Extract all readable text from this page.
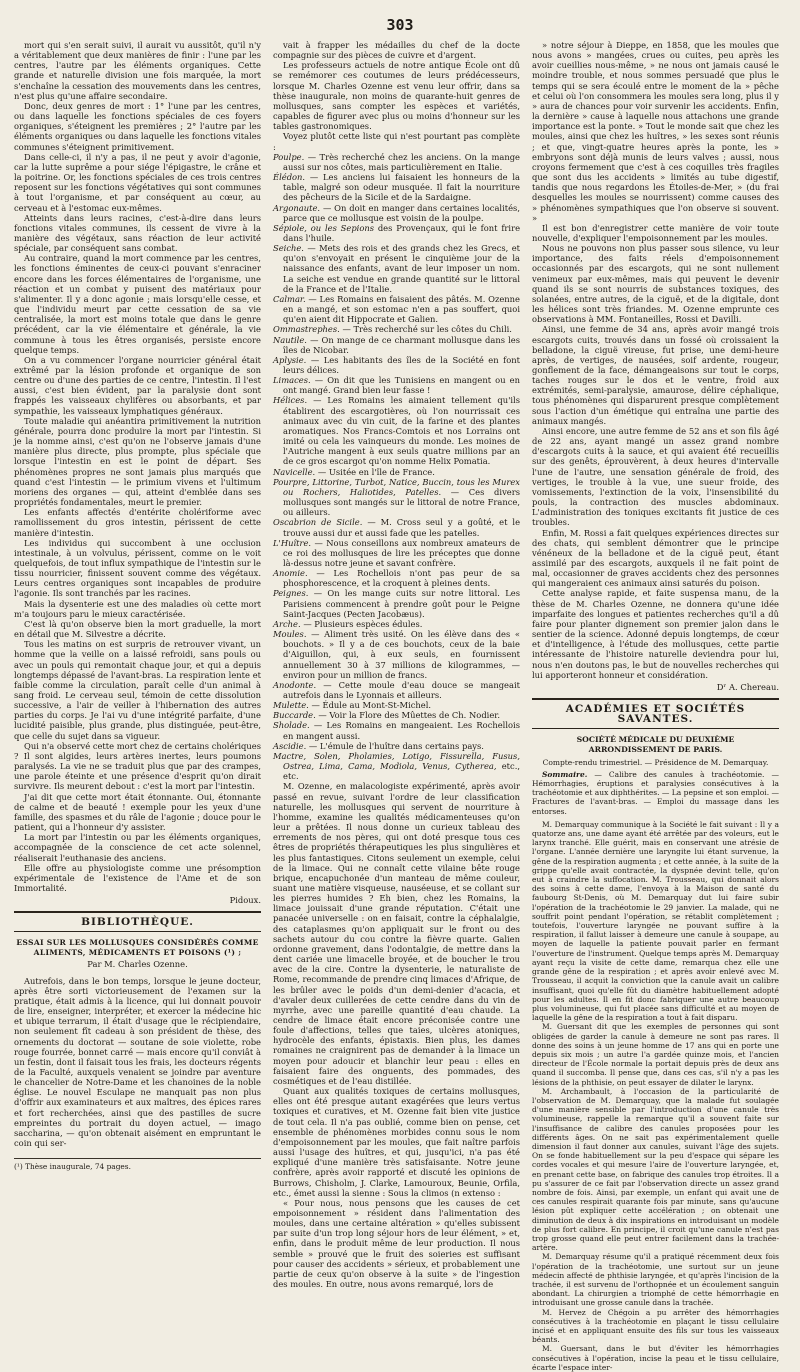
303

mort qui s'en serait suivi, il aurait vu aussitôt, qu'il n'y a véritablement que deux manières de finir : l'une par les centres, l'autre par les éléments organiques. Cette grande et naturelle division une fois marquée, la mort s'enchaîne la cessation des mouvements dans les centres, n'est plus qu'une affaire secondaire.

Donc, deux genres de mort : 1° l'une par les centres, ou dans laquelle les fonctions spéciales de ces foyers organiques, s'éteignent les premières ; 2° l'autre par les éléments organiques ou dans laquelle les fonctions vitales communes s'éteignent primitivement.

Dans celle-ci, il n'y a pas, il ne peut y avoir d'agonie, car la lutte suprême a pour siége l'épigastre, le crâne et la poitrine. Or, les fonctions spéciales de ces trois centres reposent sur les fonctions végétatives qui sont communes à tout l'organisme, et par conséquent au cœur, au cerveau et à l'estomac eux-mêmes.

Atteints dans leurs racines, c'est-à-dire dans leurs fonctions vitales communes, ils cessent de vivre à la manière des végétaux, sans réaction de leur activité spéciale, par conséquent sans combat.

Au contraire, quand la mort commence par les centres, les fonctions éminentes de ceux-ci pouvant s'enraciner encore dans les forces élémentaires de l'organisme, une réaction et un combat y puisent des matériaux pour s'alimenter. Il y a donc agonie ; mais lorsqu'elle cesse, et que l'individu meurt par cette cessation de sa vie centralisée, la mort est moins totale que dans le genre précédent, car la vie élémentaire et générale, la vie commune à tous les êtres organisés, persiste encore quelque temps.

On a vu commencer l'organe nourricier général était extrêmé par la lésion profonde et organique de son centre ou d'une des parties de ce centre, l'intestin. Il l'est aussi, c'est bien évident, par la paralysie dont sont frappés les vaisseaux chylifères ou absorbants, et par sympathie, les vaisseaux lymphatiques généraux.

Toute maladie qui anéantira primitivement la nutrition générale, pourra donc produire la mort par l'intestin. Si je la nomme ainsi, c'est qu'on ne l'observe jamais d'une manière plus directe, plus prompte, plus spéciale que lorsque l'intestin en est le point de départ. Ses phénomènes propres ne sont jamais plus marqués que quand c'est l'intestin — le primium vivens et l'ultimum moriens des organes — qui, atteint d'emblée dans ses propriétés fondamentales, meurt le premier.

Les enfants affectés d'entérite cholériforme avec ramollissement du gros intestin, périssent de cette manière d'intestin.

Les individus qui succombent à une occlusion intestinale, à un volvulus, périssent, comme on le voit quelquefois, de tout influx sympathique de l'intestin sur le tissu nourricier, finissent souvent comme des végétaux. Leurs centres organiques sont incapables de produire l'agonie. Ils sont tranchés par les racines.

Mais la dysenterie est une des maladies où cette mort m'a toujours paru le mieux caractérisée.

C'est là qu'on observe bien la mort graduelle, la mort en détail que M. Silvestre a décrite.

Tous les matins on est surpris de retrouver vivant, un homme que la veille on a laissé refroidi, sans pouls ou avec un pouls qui remontait chaque jour, et qui a depuis longtemps dépassé de l'avant-bras. La respiration lente et faible comme la circulation, paraît celle d'un animal à sang froid. Le cerveau seul, témoin de cette dissolution successive, a l'air de veiller à l'hibernation des autres parties du corps. Je l'ai vu d'une intégrité parfaite, d'une lucidité paisible, plus grande, plus distinguée, peut-être, que celle du sujet dans sa vigueur.

Qui n'a observé cette mort chez de certains cholériques ? Il sont algides, leurs artères inertes, leurs poumons paralysés. La vie ne se traduit plus que par des crampes, une parole éteinte et une présence d'esprit qu'on dirait survivre. Ils meurent debout : c'est la mort par l'intestin.

J'ai dit que cette mort était étonnante. Oui, étonnante de calme et de beauté ! exemple pour les yeux d'une famille, des spasmes et du râle de l'agonie ; douce pour le patient, qui a l'honneur d'y assister.

La mort par l'intestin ou par les éléments organiques, accompagnée de la conscience de cet acte solennel, réaliserait l'euthanasie des anciens.

Elle offre au physiologiste comme une présomption expérimentale de l'existence de l'Ame et de son Immortalité.

Pidoux.
BIBLIOTHÈQUE.
ESSAI SUR LES MOLLUSQUES CONSIDÉRÉS COMME ALIMENTS, MÉDICAMENTS ET POISONS (¹) ;
Par M. Charles Ozenne.

Autrefois, dans le bon temps, lorsque le jeune docteur, après être sorti victorieusement de l'examen sur la pratique, était admis à la licence, qui lui donnait pouvoir de lire, enseigner, interpréter, et exercer la médecine hic et ubique terrarum, il était d'usage que le récipiendaire, non seulement fît cadeau à son président de thèse, des ornements du doctorat — soutane de soie violette, robe rouge fourrée, bonnet carré — mais encore qu'il conviât à un festin, dont il faisait tous les frais, les docteurs régents de la Faculté, auxquels venaient se joindre par aventure le chancelier de Notre-Dame et les chanoines de la noble église. Le nouvel Esculape ne manquait pas non plus d'offrir aux examinateurs et aux maîtres, des épices rares et fort recherchées, ainsi que des pastilles de sucre empreintes du portrait du doyen actuel, — imago saccharina, — qu'on obtenait aisément en empruntant le coin qui ser-

(¹) Thèse inaugurale, 74 pages.

vait à frapper les médailles du chef de la docte compagnie sur des pièces de cuivre et d'argent.

Les professeurs actuels de notre antique École ont dû se remémorer ces coutumes de leurs prédécesseurs, lorsque M. Charles Ozenne est venu leur offrir, dans sa thèse inaugurale, non moins de quarante-huit genres de mollusques, sans compter les espèces et variétés, capables de figurer avec plus ou moins d'honneur sur les tables gastronomiques.

Voyez plutôt cette liste qui n'est pourtant pas complète :

Poulpe. — Très recherché chez les anciens. On la mange aussi sur nos côtes, mais particulièrement en Italie.

Élédon. — Les anciens lui faisaient les honneurs de la table, malgré son odeur musquée. Il fait la nourriture des pêcheurs de la Sicile et de la Sardaigne.

Argonaute. — On doit en manger dans certaines localités, parce que ce mollusque est voisin de la poulpe.

Sépiole, ou les Sepions des Provençaux, qui le font frire dans l'huile.

Seiche. — Mets des rois et des grands chez les Grecs, et qu'on s'envoyait en présent le cinquième jour de la naissance des enfants, avant de leur imposer un nom. La seiche est vendue en grande quantité sur le littoral de la France et de l'Italie.

Calmar. — Les Romains en faisaient des pâtés. M. Ozenne en a mangé, et son estomac n'en a pas souffert, quoi qu'en aient dit Hippocrate et Galien.

Ommastrephes. — Très recherché sur les côtes du Chili.

Nautile. — On mange de ce charmant mollusque dans les îles de Nicobar.

Aplysie. — Les habitants des îles de la Société en font leurs délices.

Limaces. — On dit que les Tunisiens en mangent ou en ont mangé. Grand bien leur fasse !

Hélices. — Les Romains les aimaient tellement qu'ils établirent des escargotières, où l'on nourrissait ces animaux avec du vin cuit, de la farine et des plantes aromatiques. Nos Francs-Comtois et nos Lorrains ont imité ou cela les vainqueurs du monde. Les moines de l'Autriche mangent à eux seuls quatre millions par an de ce gros escargot qu'on nomme Helix Pomatia.

Navicelle. — Usitée en l'île de France.

Pourpre, Littorine, Turbot, Natice, Buccin, tous les Murex ou Rochers, Haliotides, Patelles. — Ces divers mollusques sont mangés sur le littoral de notre France, ou ailleurs.

Oscabrion de Sicile. — M. Cross seul y a goûté, et le trouve aussi dur et aussi fade que les patelles.

L'Huître. — Nous conseillons aux nombreux amateurs de ce roi des mollusques de lire les préceptes que donne là-dessus notre jeune et savant confrère.

Anomie. — Les Rochellois n'ont pas peur de sa phosphorescence, et la croquent à pleines dents.

Peignes. — On les mange cuits sur notre littoral. Les Parisiens commencent à prendre goût pour le Peigne Saint-Jacques (Pecten Jacobæus).

Arche. — Plusieurs espèces édules.

Moules. — Aliment très usité. On les élève dans des « bouchots. » Il y a de ces bouchots, ceux de la baie d'Aiguillon, qui, à eux seuls, en fournissent annuellement 30 à 37 millions de kilogrammes, — environ pour un million de francs.

Anodonte. — Cette moule d'eau douce se mangeait autrefois dans le Lyonnais et ailleurs.

Mulette. — Édule au Mont-St-Michel.

Buccarde. — Voir la Flore des Mûettes de Ch. Nodier.

Sholade. — Les Romains en mangeaient. Les Rochellois en mangent aussi.

Ascidie. — L'émule de l'huître dans certains pays.

Mactre, Solen, Pholamies, Lotigo, Fissurella, Fusus, Ostrea, Lima, Cama, Modiola, Venus, Cytherea, etc., etc.

M. Ozenne, en malacologiste expérimenté, après avoir passé en revue, suivant l'ordre de leur classification naturelle, les mollusques qui servent de nourriture à l'homme, examine les qualités médicamenteuses qu'on leur a prêtées. Il nous donne un curieux tableau des errements de nos pères, qui ont doté presque tous ces êtres de propriétés thérapeutiques les plus singulières et les plus fantastiques. Citons seulement un exemple, celui de la limace. Qui ne connaît cette vilaine bête rouge brique, encapuchonée d'un manteau de même couleur, suant une matière visqueuse, nauséeuse, et se collant sur les pierres humides ? Eh bien, chez les Romains, la limace jouissait d'une grande réputation. C'était une panacée universelle : on en faisait, contre la céphalalgie, des cataplasmes qu'on appliquait sur le front ou des sachets autour du cou contre la fièvre quarte. Galien ordonne gravement, dans l'odontalgie, de mettre dans la dent cariée une limacelle broyée, et de boucher le trou avec de la cire. Contre la dysenterie, le naturaliste de Rome, recommande de prendre cinq limaces d'Afrique, de les brûler avec le poids d'un demi-denier d'acacia, et d'avaler deux cuillerées de cette cendre dans du vin de myrrhe, avec une pareille quantité d'eau chaude. La cendre de limace était encore préconisée contre une foule d'affections, telles que taies, ulcères atoniques, hydrocèle des enfants, épistaxis. Bien plus, les dames romaines ne craignirent pas de demander à la limace un moyen pour adoucir et blanchir leur peau : elles en faisaient faire des onguents, des pommades, des cosmétiques et de l'eau distillée.

Quant aux qualités toxiques de certains mollusques, elles ont été presque autant exagérées que leurs vertus toxiques et curatives, et M. Ozenne fait bien vite justice de tout cela. Il n'a pas oublié, comme bien on pense, cet ensemble de phénomènes morbides connu sous le nom d'empoisonnement par les moules, que fait naître parfois aussi l'usage des huîtres, et qui, jusqu'ici, n'a pas été expliqué d'une manière très satisfaisante. Notre jeune confrère, après avoir rapporté et discuté les opinions de Burrows, Chisholm, J. Clarke, Lamouroux, Beunie, Orfila, etc., émet aussi la sienne : Sous la climos (n extenso :

« Pour nous, nous pensons que les causes de cet empoisonnement » résident dans l'alimentation des moules, dans une certaine altération » qu'elles subissent par suite d'un trop long séjour hors de leur élément, » et, enfin, dans le produit même de leur production. Il nous semble » prouvé que le fruit des soieries est suffisant pour causer des accidents » sérieux, et probablement une partie de ceux qu'on observe à la suite » de l'ingestion des moules. En outre, nous avons remarqué, lors de

» notre séjour à Dieppe, en 1858, que les moules que nous avons » mangées, crues ou cuites, peu après les avoir cueillies nous-même, » ne nous ont jamais causé le moindre trouble, et nous sommes persuadé que plus le temps qui se sera écoulé entre le moment de la » pêche et celui où l'on consommera les moules sera long, plus il y » aura de chances pour voir survenir les accidents. Enfin, la dernière » cause à laquelle nous attachons une grande importance est la ponte. » Tout le monde sait que chez les moules, ainsi que chez les huîtres, » les sexes sont réunis ; et que, vingt-quatre heures après la ponte, les » embryons sont déjà munis de leurs valves ; aussi, nous croyons fermement que c'est à ces coquilles très fragiles que sont dus les accidents » limités au tube digestif, tandis que nous regardons les Étoiles-de-Mer, » (du frai desquelles les moules se nourrissent) comme causes des » phénomènes sympathiques que l'on observe si souvent. »

Il est bon d'enregistrer cette manière de voir toute nouvelle, d'expliquer l'empoisonnement par les moules.

Nous ne pouvons non plus passer sous silence, vu leur importance, des faits réels d'empoisonnement occasionnés par des escargots, qui ne sont nullement venimeux par eux-mêmes, mais qui peuvent le devenir quand ils se sont nourris de substances toxiques, des solanées, entre autres, de la ciguë, et de la digitale, dont les hélices sont très friandes. M. Ozenne emprunte ces observations à MM. Fontaneilles, Rossi et Davilli.

Ainsi, une femme de 34 ans, après avoir mangé trois escargots cuits, trouvés dans un fossé où croissaient la belladone, la ciguë vireuse, fut prise, une demi-heure après, de vertiges, de nausées, soif ardente, rougeur, gonflement de la face, démangeaisons sur tout le corps, taches rouges sur le dos et le ventre, froid aux extrémités, semi-paralysie, amaurose, délire céphalique, tous phénomènes qui disparurent presque complètement sous l'action d'un émétique qui entraîna une partie des animaux mangés.

Ainsi encore, une autre femme de 52 ans et son fils âgé de 22 ans, ayant mangé un assez grand nombre d'escargots cuits à la sauce, et qui avaient été recueillis sur des genêts, éprouvèrent, à deux heures d'intervalle l'une de l'autre, une sensation générale de froid, des vertiges, le trouble à la vue, une sueur froide, des vomissements, l'extinction de la voix, l'insensibilité du pouls, la contraction des muscles abdominaux. L'administration des toniques excitants fit justice de ces troubles.

Enfin, M. Rossi a fait quelques expériences directes sur des chats, qui semblent démontrer que le principe vénéneux de la belladone et de la ciguë peut, étant assimilé par des escargots, auxquels il ne fait point de mal, occasionner de graves accidents chez des personnes qui mangeraient ces animaux ainsi saturés du poison.

Cette analyse rapide, et faite suspensa manu, de la thèse de M. Charles Ozenne, ne donnera qu'une idée imparfaite des longues et patientes recherches qu'il a dû faire pour planter dignement son premier jalon dans le sentier de la science. Adonné depuis longtemps, de cœur et d'intelligence, à l'étude des mollusques, cette partie intéressante de l'histoire naturelle deviendra pour lui, nous n'en doutons pas, le but de nouvelles recherches qui lui apporteront honneur et considération.

Dʳ A. Chereau.
ACADÉMIES ET SOCIÉTÉS SAVANTES.
SOCIÉTÉ MÉDICALE DU DEUXIÈME ARRONDISSEMENT DE PARIS.
Compte-rendu trimestriel. — Présidence de M. Demarquay.

Sommaire. — Calibre des canules à trachéotomie. — Hémorrhagies, éruptions et paralysies consécutives à la trachéotomie et aux diphthérites. — La pepsine et son emploi. — Fractures de l'avant-bras. — Emploi du massage dans les entorses.

M. Demarquay communique à la Société le fait suivant : Il y a quatorze ans, une dame ayant été arrêtée par des voleurs, eut le larynx tranché. Elle guérit, mais en conservant une atrésie de l'organe. L'année dernière une laryngite lui étant survenue, la gêne de la respiration augmenta ; et cette année, à la suite de la grippe qu'elle avait contractée, la dyspnée devint telle, qu'on eut à craindre la suffocation. M. Trousseau, qui donnait alors des soins à cette dame, l'envoya à la Maison de santé du faubourg St-Denis, où M. Demarquay dut lui faire subir l'opération de la trachéotomie le 29 janvier. La malade, qui ne souffrit point pendant l'opération, se rétablit complètement ; toutefois, l'ouverture laryngée ne pouvant suffire à la respiration, il fallut laisser à demeure une canule à soupape, au moyen de laquelle la patiente pouvait parler en fermant l'ouverture de l'instrument. Quelque temps après M. Demarquay ayant reçu la visite de cette dame, remarqua chez elle une grande gêne de la respiration ; et après avoir enlevé avec M. Trousseau, il acquit la conviction que la canule avait un calibre insuffisant, quoi qu'elle fût du diamètre habituellement adopté pour les adultes. Il en fit donc fabriquer une autre beaucoup plus volumineuse, qui fut placée sans difficulté et au moyen de laquelle la gêne de la respiration a tout à fait disparu.

M. Guersant dit que les exemples de personnes qui sont obligées de garder la canule à demeure ne sont pas rares. Il donne des soins à un jeune homme de 17 ans qui en porte une depuis six mois ; un autre l'a gardée quinze mois, et l'ancien directeur de l'École normale la portait depuis près de deux ans quand il succomba. Il pense que, dans ces cas, s'il n'y a pas les lésions de la phthisie, on peut essayer de dilater le larynx.

M. Archambault, à l'occasion de la particularité de l'observation de M. Demarquay, que la malade fut soulagée d'une manière sensible par l'introduction d'une canule très volumineuse, rappelle la remarque qu'il a souvent faite sur l'insuffisance de calibre des canules proposées pour les différents âges. On ne sait pas expérimentalement quelle dimension il faut donner aux canules, suivant l'âge des sujets. On se fonde habituellement sur la peu d'espace qui sépare les cordes vocales et qui mesure l'aire de l'ouverture laryngée, et, en prenant cette base, on fabrique des canules trop étroites. Il a pu s'assurer de ce fait par l'observation directe un assez grand nombre de fois. Ainsi, par exemple, un enfant qui avait une de ces canules respirait quarante fois par minute, sans qu'aucune lésion pût expliquer cette accélération ; on obtenait une diminution de deux à dix inspirations en introduisant un modèle de plus fort calibre. En principe, il croit qu'une canule n'est pas trop grosse quand elle peut entrer facilement dans la trachée-artère.

M. Demarquay résume qu'il a pratiqué récemment deux fois l'opération de la trachéotomie, une surtout sur un jeune médecin affecté de phthisie laryngée, et qu'après l'incision de la trachée, il est survenu de l'orthopnée et un écoulement sanguin abondant. La chirurgien a triomphé de cette hémorrhagie en introduisant une grosse canule dans la trachée.

M. Hervez de Chégoin a pu arrêter des hémorrhagies consécutives à la trachéotomie en plaçant le tissu cellulaire incisé et en appliquant ensuite des fils sur tous les vaisseaux béants.

M. Guersant, dans le but d'éviter les hémorrhagies consécutives à l'opération, incise la peau et le tissu cellulaire, écarte l'espace inter-
